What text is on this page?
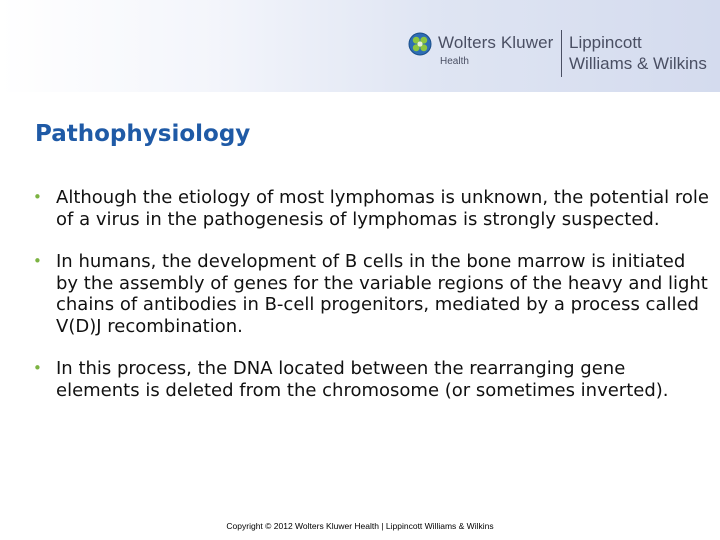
Wolters Kluwer
Health
Lippincott
Williams & Wilkins
Pathophysiology
• Although the etiology of most lymphomas is unknown, the potential role of a virus in the pathogenesis of lymphomas is strongly suspected.
• In humans, the development of B cells in the bone marrow is initiated by the assembly of genes for the variable regions of the heavy and light chains of antibodies in B-cell progenitors, mediated by a process called V(D)J recombination.
• In this process, the DNA located between the rearranging gene elements is deleted from the chromosome (or sometimes inverted).
Copyright © 2012 Wolters Kluwer Health | Lippincott Williams & Wilkins
